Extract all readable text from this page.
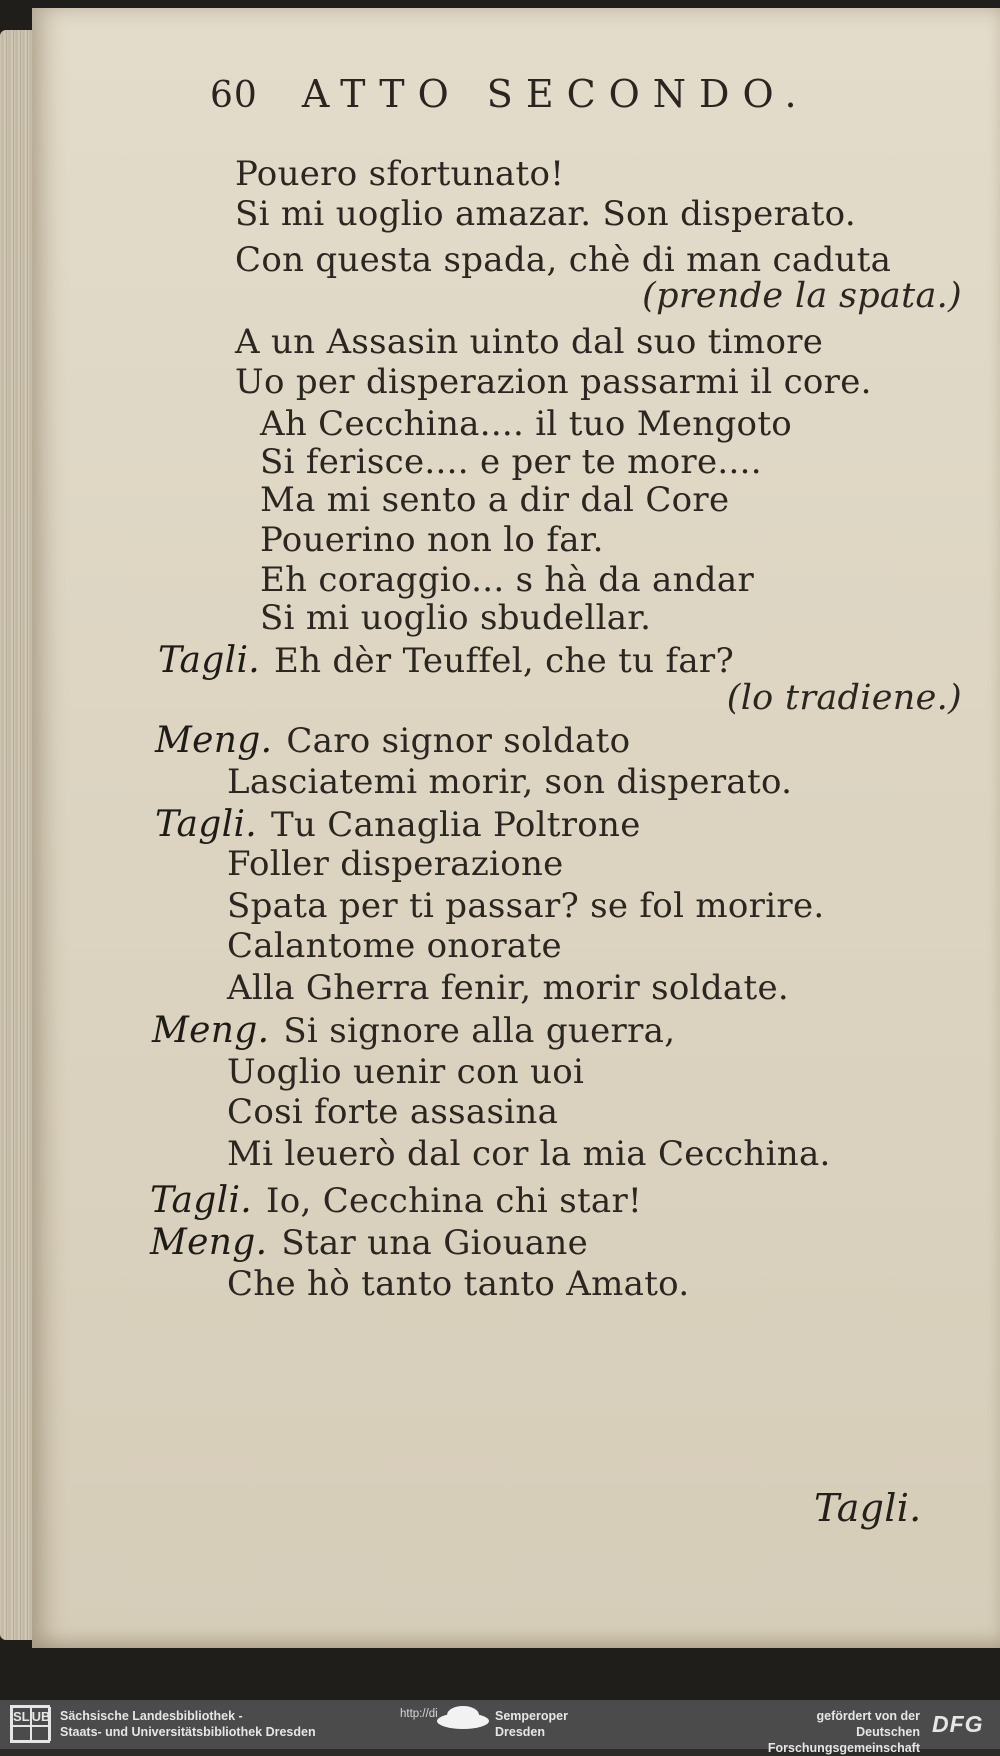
60 ATTO SECONDO.
Pouero sfortunato!
Si mi uoglio amazar. Son disperato.
Con questa spada, chè di man caduta
(prende la spata.)
A un Assasin uinto dal suo timore
Uo per disperazion passarmi il core.
Ah Cecchina.... il tuo Mengoto
Si ferisce.... e per te more....
Ma mi sento a dir dal Core
Pouerino non lo far.
Eh coraggio... s hà da andar
Si mi uoglio sbudellar.
Tagli. Eh dèr Teuffel, che tu far?
(lo tradiene.)
Meng. Caro signor soldato
Lasciatemi morir, son disperato.
Tagli. Tu Canaglia Poltrone
Foller disperazione
Spata per ti passar? se fol morire.
Calantome onorate
Alla Gherra fenir, morir soldate.
Meng. Si signore alla guerra,
Uoglio uenir con uoi
Cosi forte assasina
Mi leuerò dal cor la mia Cecchina.
Tagli. Io, Cecchina chi star!
Meng. Star una Giouane
Che hò tanto tanto Amato.
Tagli.
SL UB Sächsische Landesbibliothek -
Staats- und Universitätsbibliothek Dresden
http://di	Semperoper
Dresden
gefördert von der
Deutschen Forschungsgemeinschaft
DFG
